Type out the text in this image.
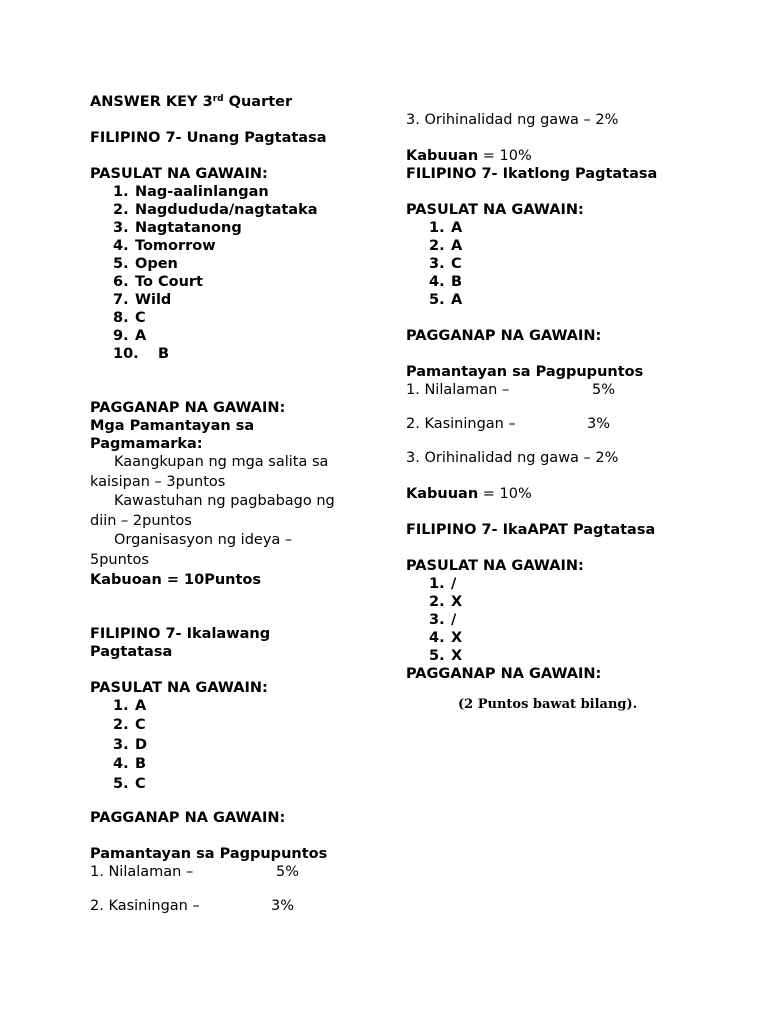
ANSWER KEY 3rd Quarter

FILIPINO 7- Unang Pagtatasa

PASULAT NA GAWAIN:

1. Nag-aalinlangan
2. Nagdududa/nagtataka
3. Nagtatanong
4. Tomorrow
5. Open
6. To Court
7. Wild
8. C
9. A
10.	B

PAGGANAP NA GAWAIN:

Mga Pamantayan sa Pagmamarka:

Kaangkupan ng mga salita sa kaisipan – 3puntos

Kawastuhan ng pagbabago ng diin – 2puntos

Organisasyon ng ideya – 5puntos

Kabuoan = 10Puntos

FILIPINO 7- Ikalawang Pagtatasa

PASULAT NA GAWAIN:

1. A
2. C
3. D
4. B
5. C

PAGGANAP NA GAWAIN:

Pamantayan sa Pagpupuntos

1. Nilalaman –	5%

2. Kasiningan –	3%

3. Orihinalidad ng gawa – 2%

Kabuuan = 10%

FILIPINO 7- Ikatlong Pagtatasa

PASULAT NA GAWAIN:

1. A
2. A
3. C
4. B
5. A

PAGGANAP NA GAWAIN:

Pamantayan sa Pagpupuntos

1. Nilalaman –	5%

2. Kasiningan –	3%

3. Orihinalidad ng gawa – 2%

Kabuuan = 10%

FILIPINO 7- IkaAPAT Pagtatasa

PASULAT NA GAWAIN:

1. /
2. X
3. /
4. X
5. X

PAGGANAP NA GAWAIN:

(2 Puntos bawat bilang).
